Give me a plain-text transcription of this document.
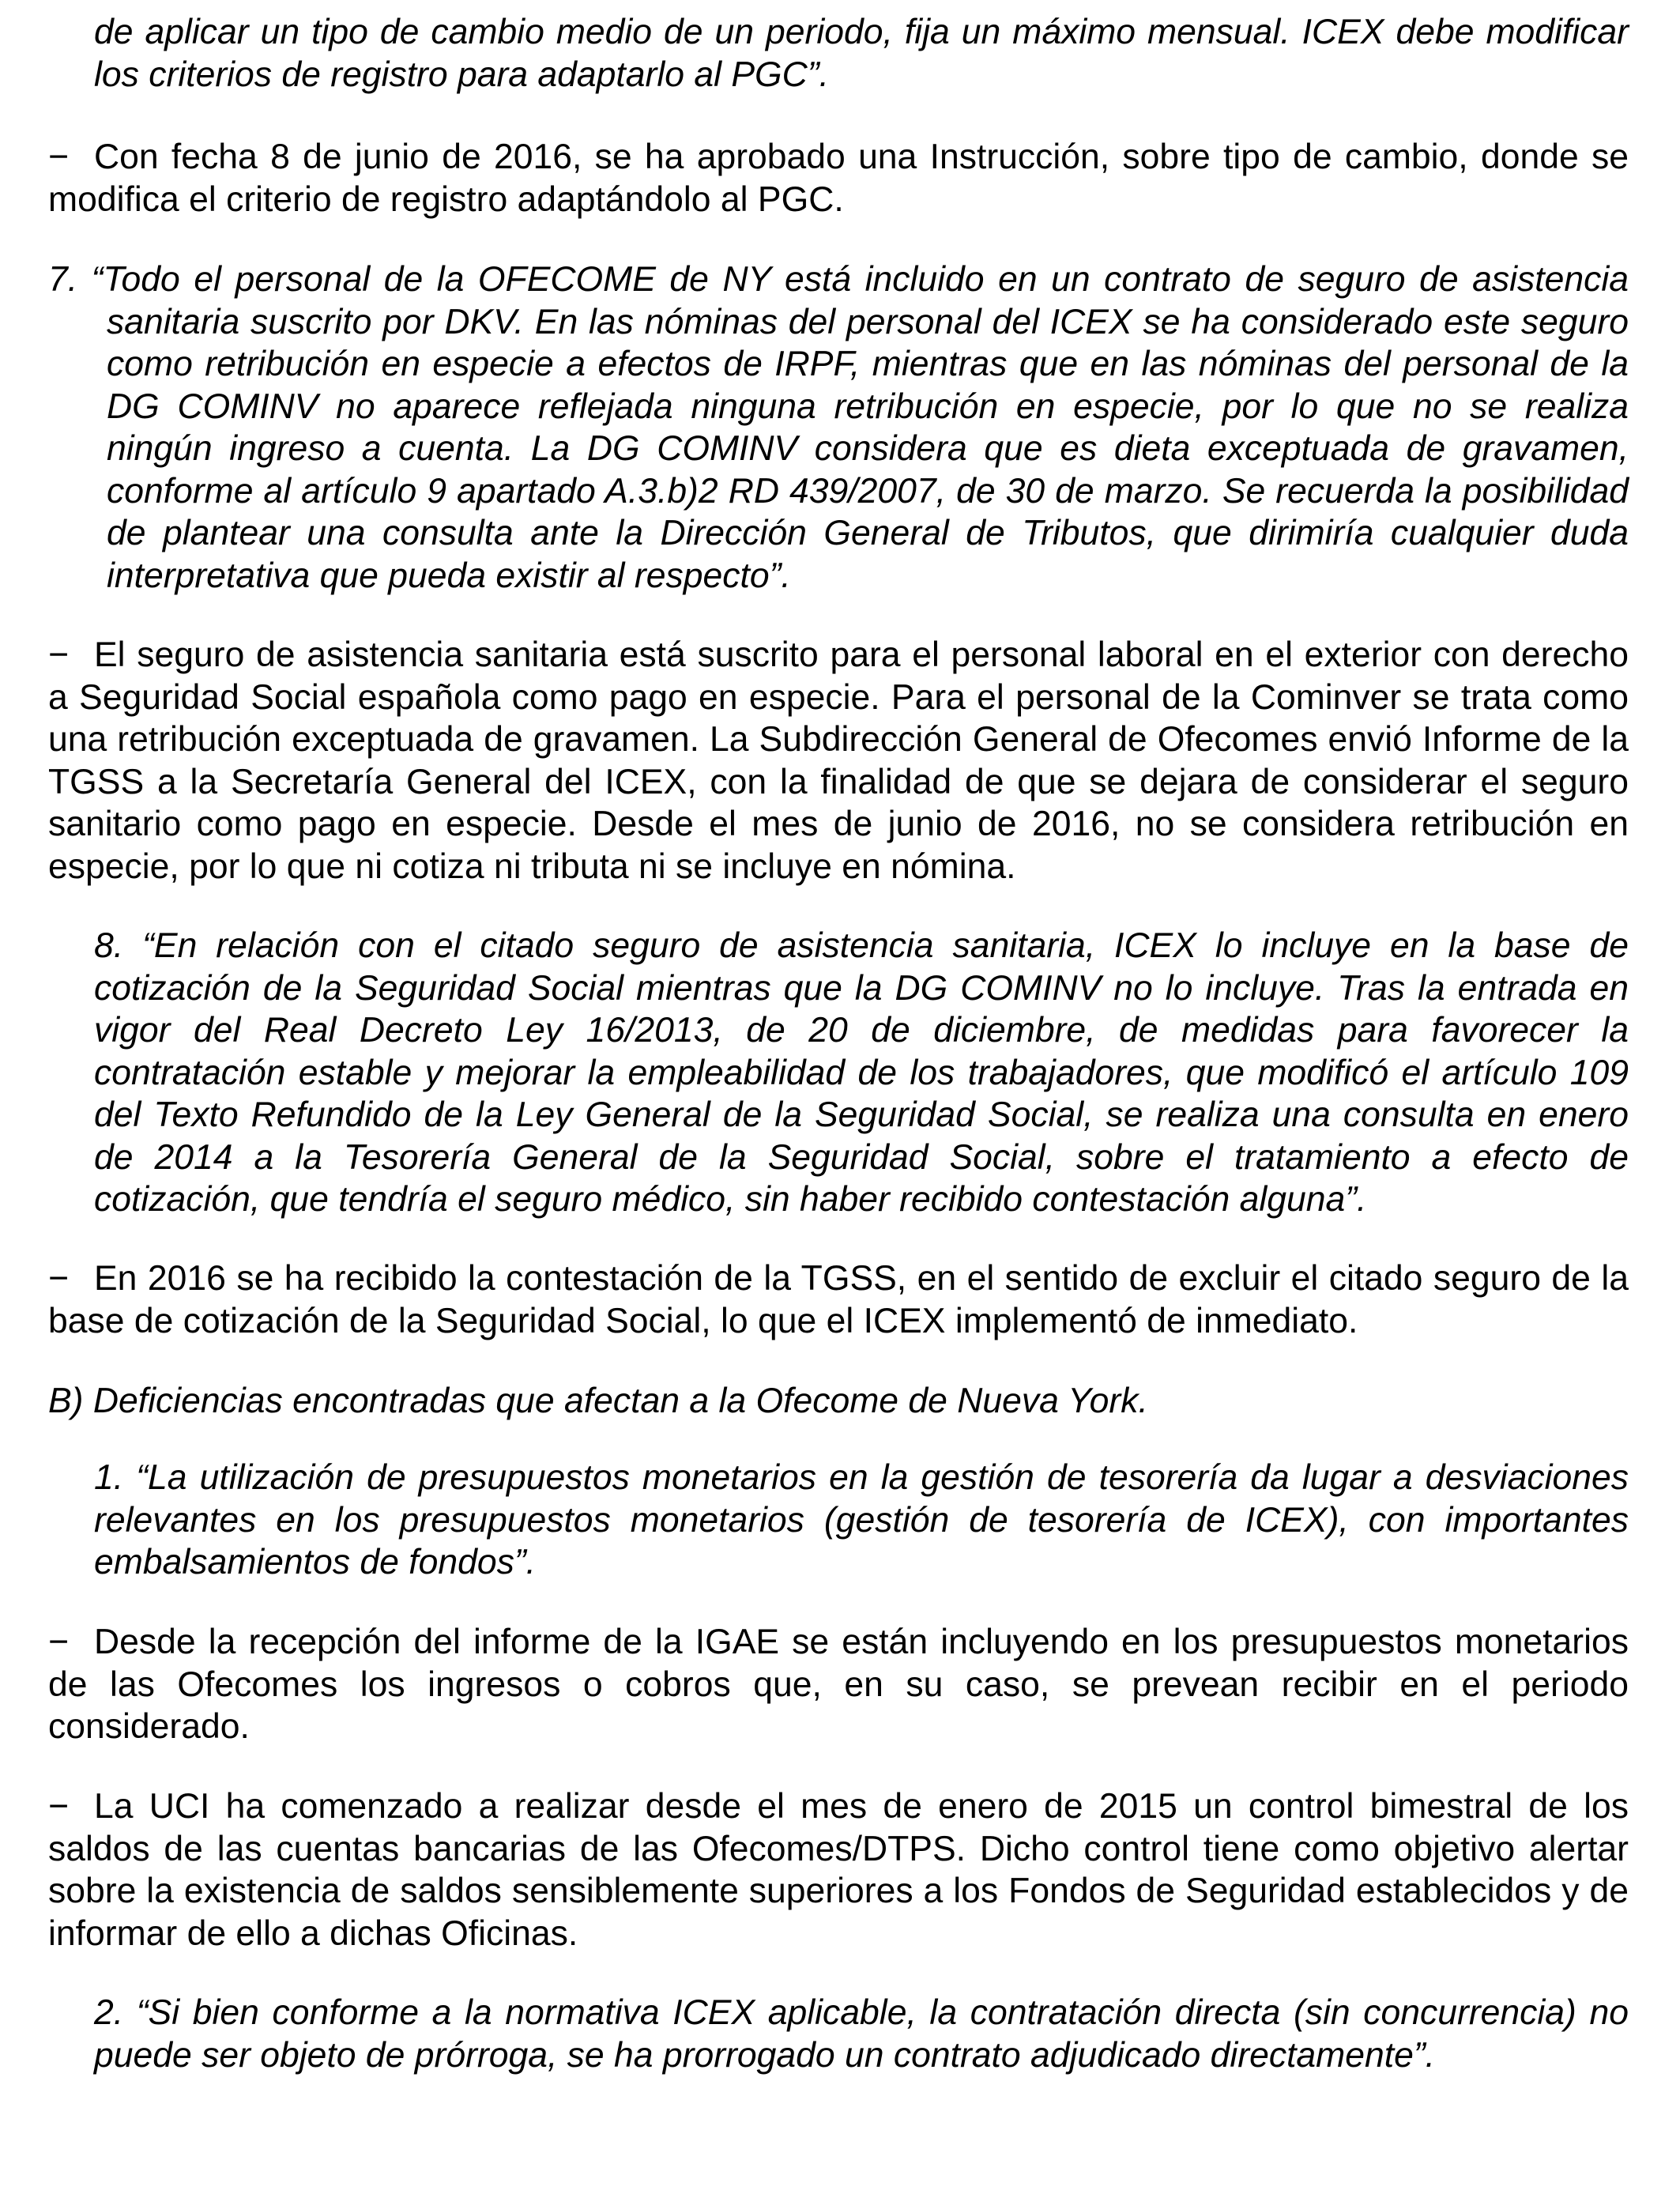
de aplicar un tipo de cambio medio de un periodo, fija un máximo mensual. ICEX debe modificar los criterios de registro para adaptarlo al PGC”.

− Con fecha 8 de junio de 2016, se ha aprobado una Instrucción, sobre tipo de cambio, donde se modifica el criterio de registro adaptándolo al PGC.

7. “Todo el personal de la OFECOME de NY está incluido en un contrato de seguro de asistencia sanitaria suscrito por DKV. En las nóminas del personal del ICEX se ha considerado este seguro como retribución en especie a efectos de IRPF, mientras que en las nóminas del personal de la DG COMINV no aparece reflejada ninguna retribución en especie, por lo que no se realiza ningún ingreso a cuenta. La DG COMINV considera que es dieta exceptuada de gravamen, conforme al artículo 9 apartado A.3.b)2 RD 439/2007, de 30 de marzo. Se recuerda la posibilidad de plantear una consulta ante la Dirección General de Tributos, que dirimiría cualquier duda interpretativa que pueda existir al respecto”.

− El seguro de asistencia sanitaria está suscrito para el personal laboral en el exterior con derecho a Seguridad Social española como pago en especie. Para el personal de la Cominver se trata como una retribución exceptuada de gravamen. La Subdirección General de Ofecomes envió Informe de la TGSS a la Secretaría General del ICEX, con la finalidad de que se dejara de considerar el seguro sanitario como pago en especie. Desde el mes de junio de 2016, no se considera retribución en especie, por lo que ni cotiza ni tributa ni se incluye en nómina.

8. “En relación con el citado seguro de asistencia sanitaria, ICEX lo incluye en la base de cotización de la Seguridad Social mientras que la DG COMINV no lo incluye. Tras la entrada en vigor del Real Decreto Ley 16/2013, de 20 de diciembre, de medidas para favorecer la contratación estable y mejorar la empleabilidad de los trabajadores, que modificó el artículo 109 del Texto Refundido de la Ley General de la Seguridad Social, se realiza una consulta en enero de 2014 a la Tesorería General de la Seguridad Social, sobre el tratamiento a efecto de cotización, que tendría el seguro médico, sin haber recibido contestación alguna”.

− En 2016 se ha recibido la contestación de la TGSS, en el sentido de excluir el citado seguro de la base de cotización de la Seguridad Social, lo que el ICEX implementó de inmediato.

B) Deficiencias encontradas que afectan a la Ofecome de Nueva York.

1. “La utilización de presupuestos monetarios en la gestión de tesorería da lugar a desviaciones relevantes en los presupuestos monetarios (gestión de tesorería de ICEX), con importantes embalsamientos de fondos”.

− Desde la recepción del informe de la IGAE se están incluyendo en los presupuestos monetarios de las Ofecomes los ingresos o cobros que, en su caso, se prevean recibir en el periodo considerado.

− La UCI ha comenzado a realizar desde el mes de enero de 2015 un control bimestral de los saldos de las cuentas bancarias de las Ofecomes/DTPS. Dicho control tiene como objetivo alertar sobre la existencia de saldos sensiblemente superiores a los Fondos de Seguridad establecidos y de informar de ello a dichas Oficinas.

2. “Si bien conforme a la normativa ICEX aplicable, la contratación directa (sin concurrencia) no puede ser objeto de prórroga, se ha prorrogado un contrato adjudicado directamente”.
